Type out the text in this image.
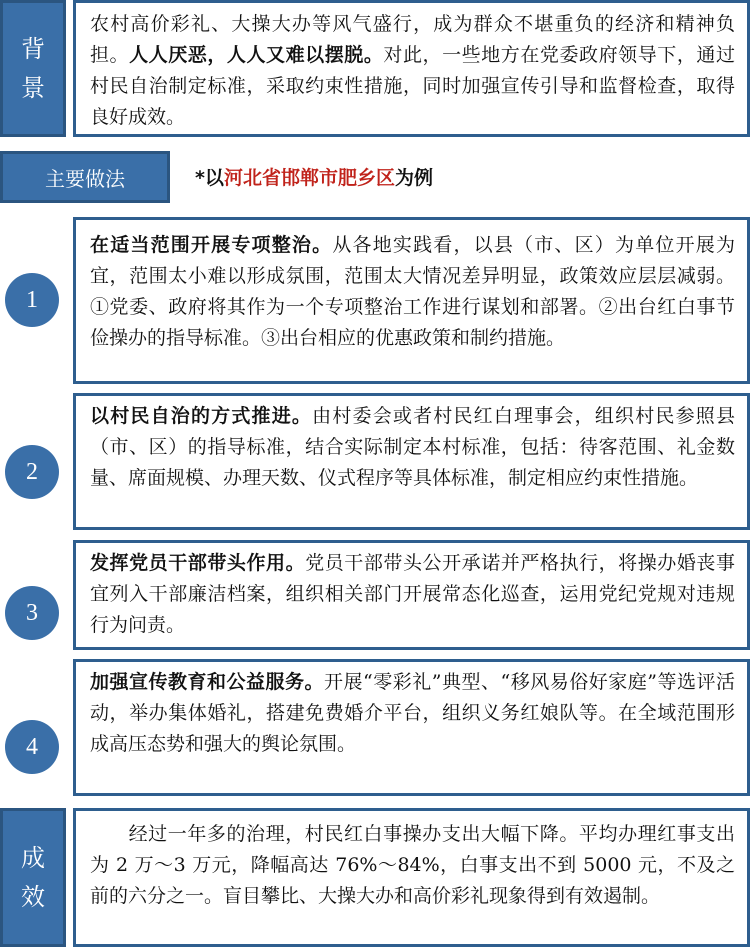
背
景
农村高价彩礼、大操大办等风气盛行，成为群众不堪重负的经济和精神负担。人人厌恶，人人又难以摆脱。对此，一些地方在党委政府领导下，通过村民自治制定标准，采取约束性措施，同时加强宣传引导和监督检查，取得良好成效。
主要做法	*以河北省邯郸市肥乡区为例
1
在适当范围开展专项整治。从各地实践看，以县（市、区）为单位开展为宜，范围太小难以形成氛围，范围太大情况差异明显，政策效应层层减弱。①党委、政府将其作为一个专项整治工作进行谋划和部署。②出台红白事节俭操办的指导标准。③出台相应的优惠政策和制约措施。
2
以村民自治的方式推进。由村委会或者村民红白理事会，组织村民参照县（市、区）的指导标准，结合实际制定本村标准，包括：待客范围、礼金数量、席面规模、办理天数、仪式程序等具体标准，制定相应约束性措施。
3
发挥党员干部带头作用。党员干部带头公开承诺并严格执行，将操办婚丧事宜列入干部廉洁档案，组织相关部门开展常态化巡查，运用党纪党规对违规行为问责。
4
加强宣传教育和公益服务。开展“零彩礼”典型、“移风易俗好家庭”等选评活动，举办集体婚礼，搭建免费婚介平台，组织义务红娘队等。在全域范围形成高压态势和强大的舆论氛围。
成
效
经过一年多的治理，村民红白事操办支出大幅下降。平均办理红事支出为 2 万～3 万元，降幅高达 76%～84%，白事支出不到 5000 元，不及之前的六分之一。盲目攀比、大操大办和高价彩礼现象得到有效遏制。
